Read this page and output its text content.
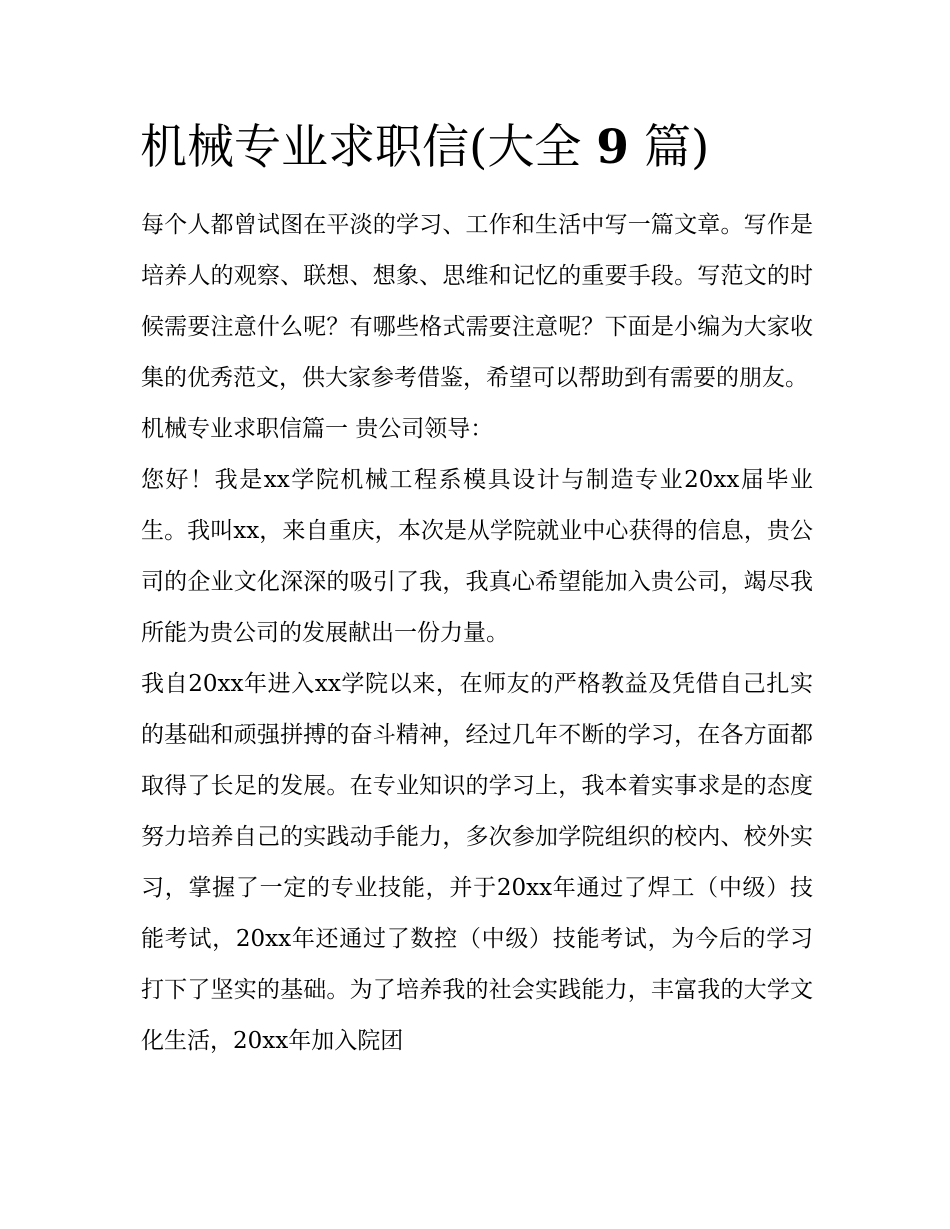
机械专业求职信(大全 9 篇)

每个人都曾试图在平淡的学习、工作和生活中写一篇文章。写作是培养人的观察、联想、想象、思维和记忆的重要手段。写范文的时候需要注意什么呢？有哪些格式需要注意呢？下面是小编为大家收集的优秀范文，供大家参考借鉴，希望可以帮助到有需要的朋友。

机械专业求职信篇一 贵公司领导：

您好！我是xx学院机械工程系模具设计与制造专业20xx届毕业生。我叫xx，来自重庆，本次是从学院就业中心获得的信息，贵公司的企业文化深深的吸引了我，我真心希望能加入贵公司，竭尽我所能为贵公司的发展献出一份力量。

我自20xx年进入xx学院以来，在师友的严格教益及凭借自己扎实的基础和顽强拼搏的奋斗精神，经过几年不断的学习，在各方面都取得了长足的发展。在专业知识的学习上，我本着实事求是的态度努力培养自己的实践动手能力，多次参加学院组织的校内、校外实习，掌握了一定的专业技能，并于20xx年通过了焊工（中级）技能考试，20xx年还通过了数控（中级）技能考试，为今后的学习打下了坚实的基础。为了培养我的社会实践能力，丰富我的大学文化生活，20xx年加入院团
